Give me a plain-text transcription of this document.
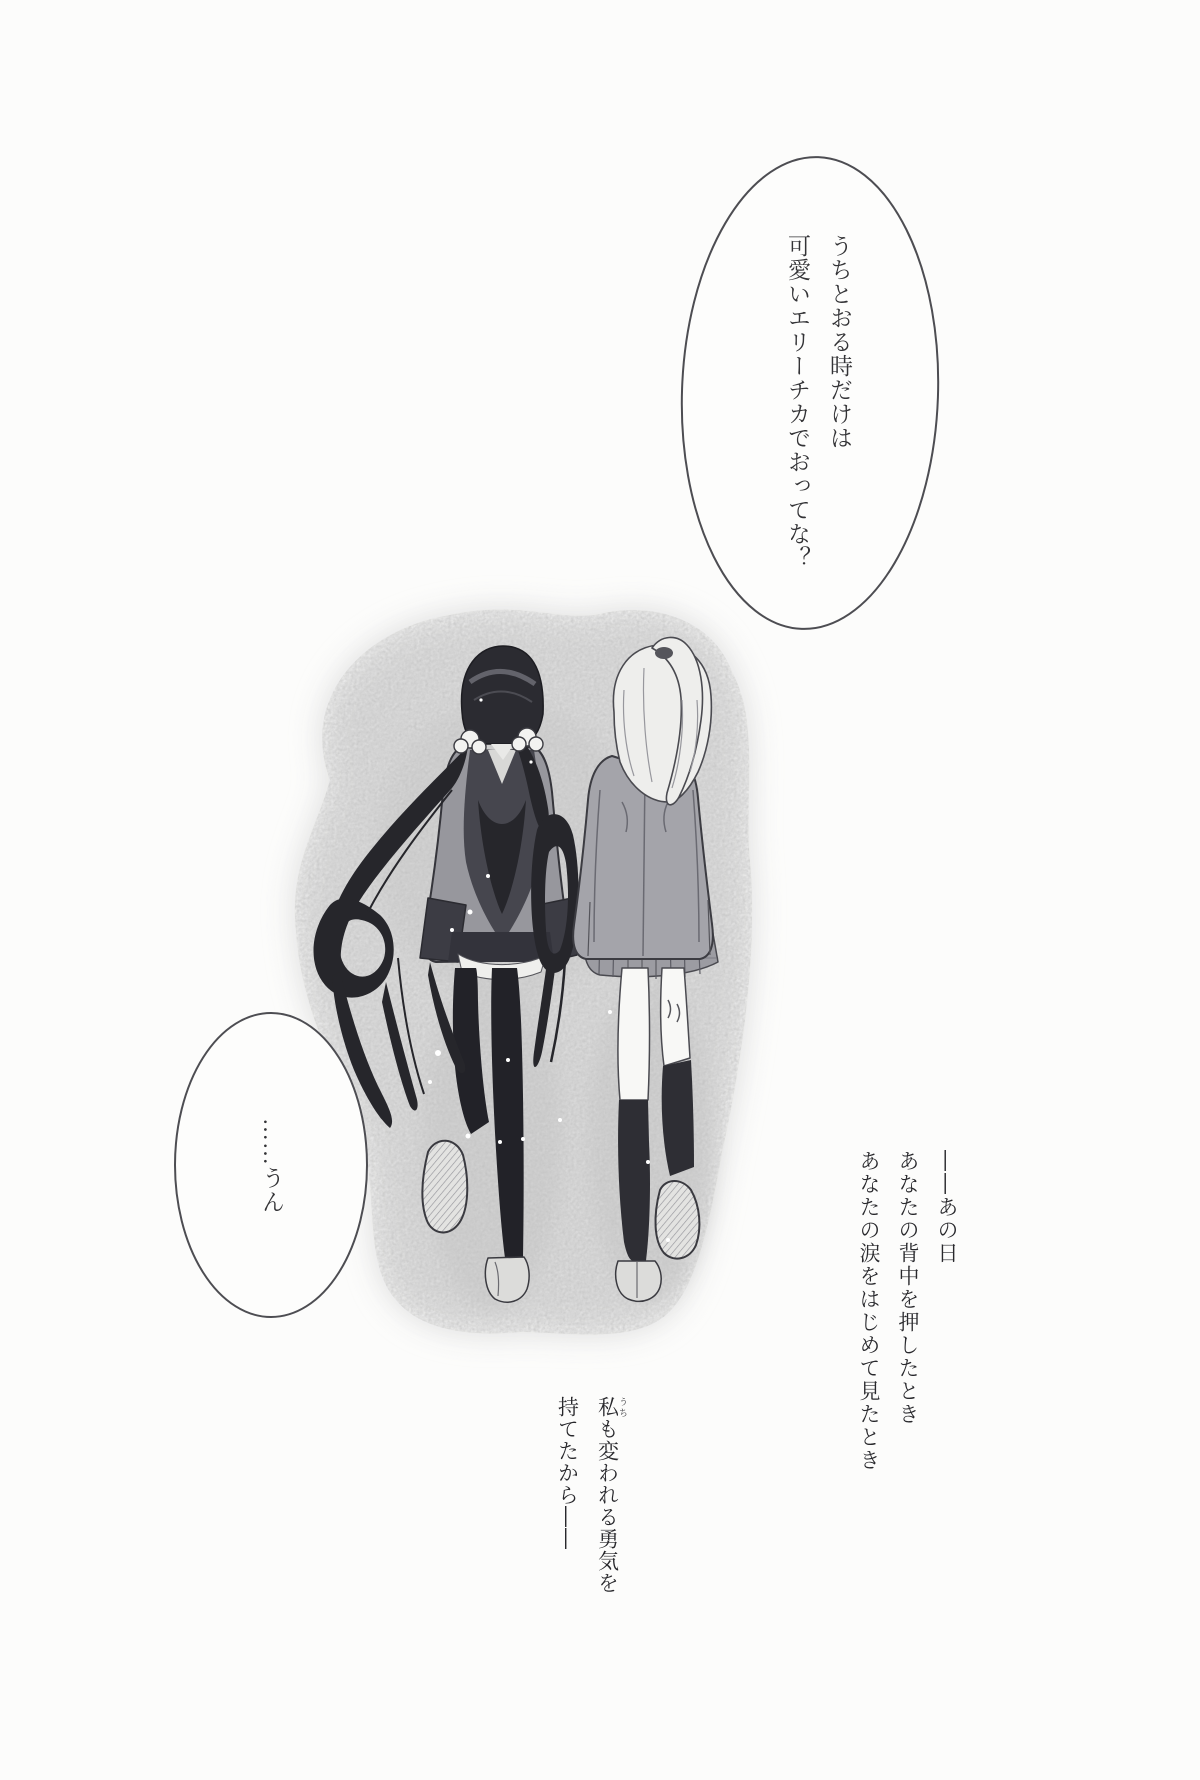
うちとおる時だけは
可愛いエリーチカでおってな？
……うん	――あの日
あなたの背中を押したとき
あなたの涙をはじめて見たとき
私 うちも変われる勇気を
持てたから――
